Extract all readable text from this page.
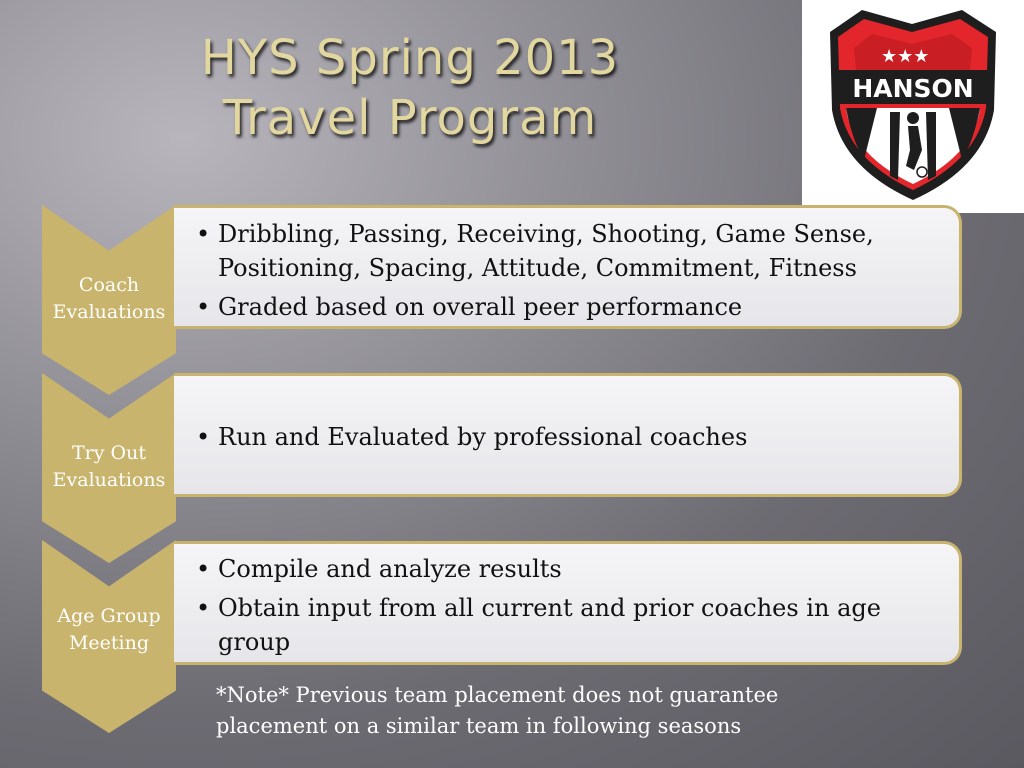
HYS Spring 2013
Travel Program
★★★
HANSON
Coach
Evaluations
• Dribbling, Passing, Receiving, Shooting, Game Sense, Positioning, Spacing, Attitude, Commitment, Fitness
• Graded based on overall peer performance
Try Out
Evaluations
• Run and Evaluated by professional coaches
Age Group
Meeting
• Compile and analyze results
• Obtain input from all current and prior coaches in age group
*Note* Previous team placement does not guarantee
placement on a similar team in following seasons
